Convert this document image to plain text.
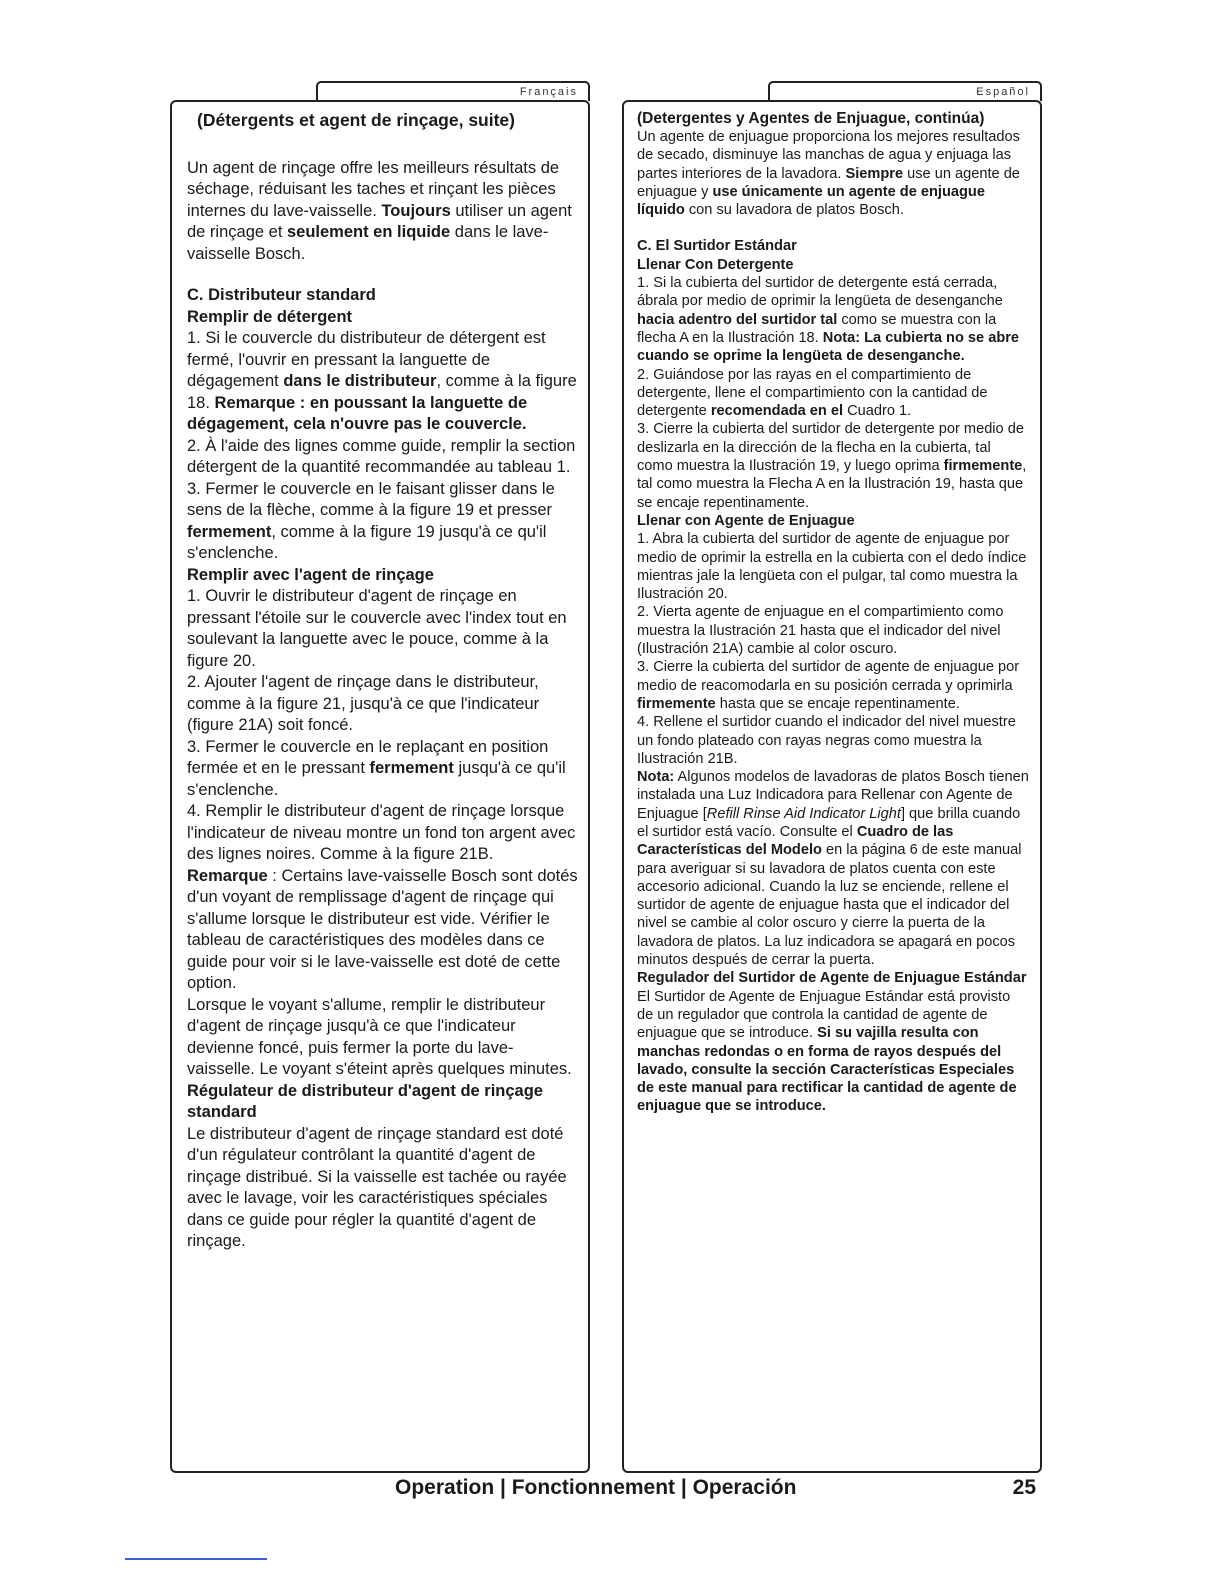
Français	Español

(Détergents et agent de rinçage, suite)

Un agent de rinçage offre les meilleurs résultats de séchage, réduisant les taches et rinçant les pièces internes du lave-vaisselle. Toujours utiliser un agent de rinçage et seulement en liquide dans le lave-vaisselle Bosch.

C. Distributeur standard

Remplir de détergent

1. Si le couvercle du distributeur de détergent est fermé, l'ouvrir en pressant la languette de dégagement dans le distributeur, comme à la figure 18. Remarque : en poussant la languette de dégagement, cela n'ouvre pas le couvercle.

2. À l'aide des lignes comme guide, remplir la section détergent de la quantité recommandée au tableau 1.

3. Fermer le couvercle en le faisant glisser dans le sens de la flèche, comme à la figure 19 et presser fermement, comme à la figure 19 jusqu'à ce qu'il s'enclenche.

Remplir avec l'agent de rinçage

1. Ouvrir le distributeur d'agent de rinçage en pressant l'étoile sur le couvercle avec l'index tout en soulevant la languette avec le pouce, comme à la figure 20.

2. Ajouter l'agent de rinçage dans le distributeur, comme à la figure 21, jusqu'à ce que l'indicateur (figure 21A) soit foncé.

3. Fermer le couvercle en le replaçant en position fermée et en le pressant fermement jusqu'à ce qu'il s'enclenche.

4. Remplir le distributeur d'agent de rinçage lorsque l'indicateur de niveau montre un fond ton argent avec des lignes noires. Comme à la figure 21B.

Remarque : Certains lave-vaisselle Bosch sont dotés d'un voyant de remplissage d'agent de rinçage qui s'allume lorsque le distributeur est vide. Vérifier le tableau de caractéristiques des modèles dans ce guide pour voir si le lave-vaisselle est doté de cette option.

Lorsque le voyant s'allume, remplir le distributeur d'agent de rinçage jusqu'à ce que l'indicateur devienne foncé, puis fermer la porte du lave-vaisselle. Le voyant s'éteint après quelques minutes.

Régulateur de distributeur d'agent de rinçage standard

Le distributeur d'agent de rinçage standard est doté d'un régulateur contrôlant la quantité d'agent de rinçage distribué. Si la vaisselle est tachée ou rayée avec le lavage, voir les caractéristiques spéciales dans ce guide pour régler la quantité d'agent de rinçage.

(Detergentes y Agentes de Enjuague, continúa)

Un agente de enjuague proporciona los mejores resultados de secado, disminuye las manchas de agua y enjuaga las partes interiores de la lavadora. Siempre use un agente de enjuague y use únicamente un agente de enjuague líquido con su lavadora de platos Bosch.

C. El Surtidor Estándar

Llenar Con Detergente

1. Si la cubierta del surtidor de detergente está cerrada, ábrala por medio de oprimir la lengüeta de desenganche hacia adentro del surtidor tal como se muestra con la flecha A en la Ilustración 18. Nota: La cubierta no se abre cuando se oprime la lengüeta de desenganche.

2. Guiándose por las rayas en el compartimiento de detergente, llene el compartimiento con la cantidad de detergente recomendada en el Cuadro 1.

3. Cierre la cubierta del surtidor de detergente por medio de deslizarla en la dirección de la flecha en la cubierta, tal como muestra la Ilustración 19, y luego oprima firmemente, tal como muestra la Flecha A en la Ilustración 19, hasta que se encaje repentinamente.

Llenar con Agente de Enjuague

1. Abra la cubierta del surtidor de agente de enjuague por medio de oprimir la estrella en la cubierta con el dedo índice mientras jale la lengüeta con el pulgar, tal como muestra la Ilustración 20.

2. Vierta agente de enjuague en el compartimiento como muestra la Ilustración 21 hasta que el indicador del nivel (Ilustración 21A) cambie al color oscuro.

3. Cierre la cubierta del surtidor de agente de enjuague por medio de reacomodarla en su posición cerrada y oprimirla firmemente hasta que se encaje repentinamente.

4. Rellene el surtidor cuando el indicador del nivel muestre un fondo plateado con rayas negras como muestra la Ilustración 21B.

Nota: Algunos modelos de lavadoras de platos Bosch tienen instalada una Luz Indicadora para Rellenar con Agente de Enjuague [Refill Rinse Aid Indicator Light] que brilla cuando el surtidor está vacío. Consulte el Cuadro de las Características del Modelo en la página 6 de este manual para averiguar si su lavadora de platos cuenta con este accesorio adicional. Cuando la luz se enciende, rellene el surtidor de agente de enjuague hasta que el indicador del nivel se cambie al color oscuro y cierre la puerta de la lavadora de platos. La luz indicadora se apagará en pocos minutos después de cerrar la puerta.

Regulador del Surtidor de Agente de Enjuague Estándar

El Surtidor de Agente de Enjuague Estándar está provisto de un regulador que controla la cantidad de agente de enjuague que se introduce. Si su vajilla resulta con manchas redondas o en forma de rayos después del lavado, consulte la sección Características Especiales de este manual para rectificar la cantidad de agente de enjuague que se introduce.

Operation | Fonctionnement | Operación	25
